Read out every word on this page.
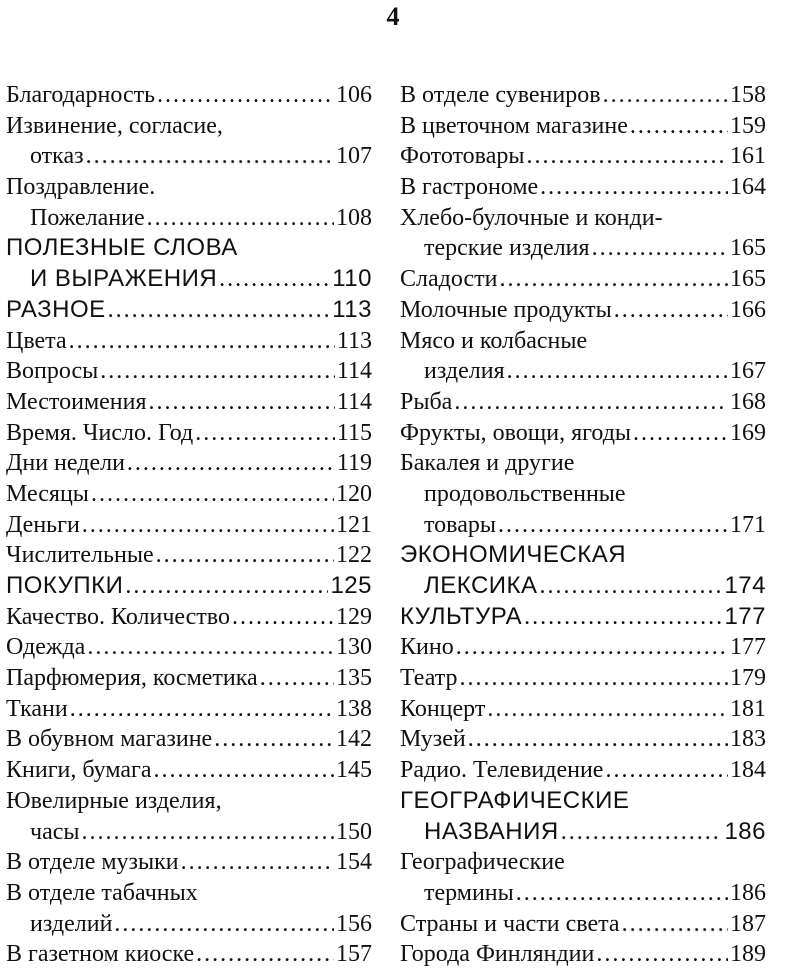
4
Благодарность .....	106
Извинение, согласие,
отказ .....	107
Поздравление.
Пожелание .....	108
ПОЛЕЗНЫЕ СЛОВА
И ВЫРАЖЕНИЯ .....	110
РАЗНОЕ .....	113
Цвета .....	113
Вопросы .....	114
Местоимения .....	114
Время. Число. Год .....	115
Дни недели .....	119
Месяцы .....	120
Деньги .....	121
Числительные .....	122
ПОКУПКИ .....	125
Качество. Количество .....	129
Одежда .....	130
Парфюмерия, косметика .....	135
Ткани .....	138
В обувном магазине .....	142
Книги, бумага .....	145
Ювелирные изделия,
часы .....	150
В отделе музыки .....	154
В отделе табачных
изделий .....	156
В газетном киоске .....	157
В отделе сувениров .....	158
В цветочном магазине .....	159
Фототовары .....	161
В гастрономе .....	164
Хлебо-булочные и конди-
терские изделия .....	165
Сладости .....	165
Молочные продукты .....	166
Мясо и колбасные
изделия .....	167
Рыба .....	168
Фрукты, овощи, ягоды .....	169
Бакалея и другие
продовольственные
товары .....	171
ЭКОНОМИЧЕСКАЯ
ЛЕКСИКА .....	174
КУЛЬТУРА .....	177
Кино .....	177
Театр .....	179
Концерт .....	181
Музей .....	183
Радио. Телевидение .....	184
ГЕОГРАФИЧЕСКИЕ
НАЗВАНИЯ .....	186
Географические
термины .....	186
Страны и части света .....	187
Города Финляндии .....	189
